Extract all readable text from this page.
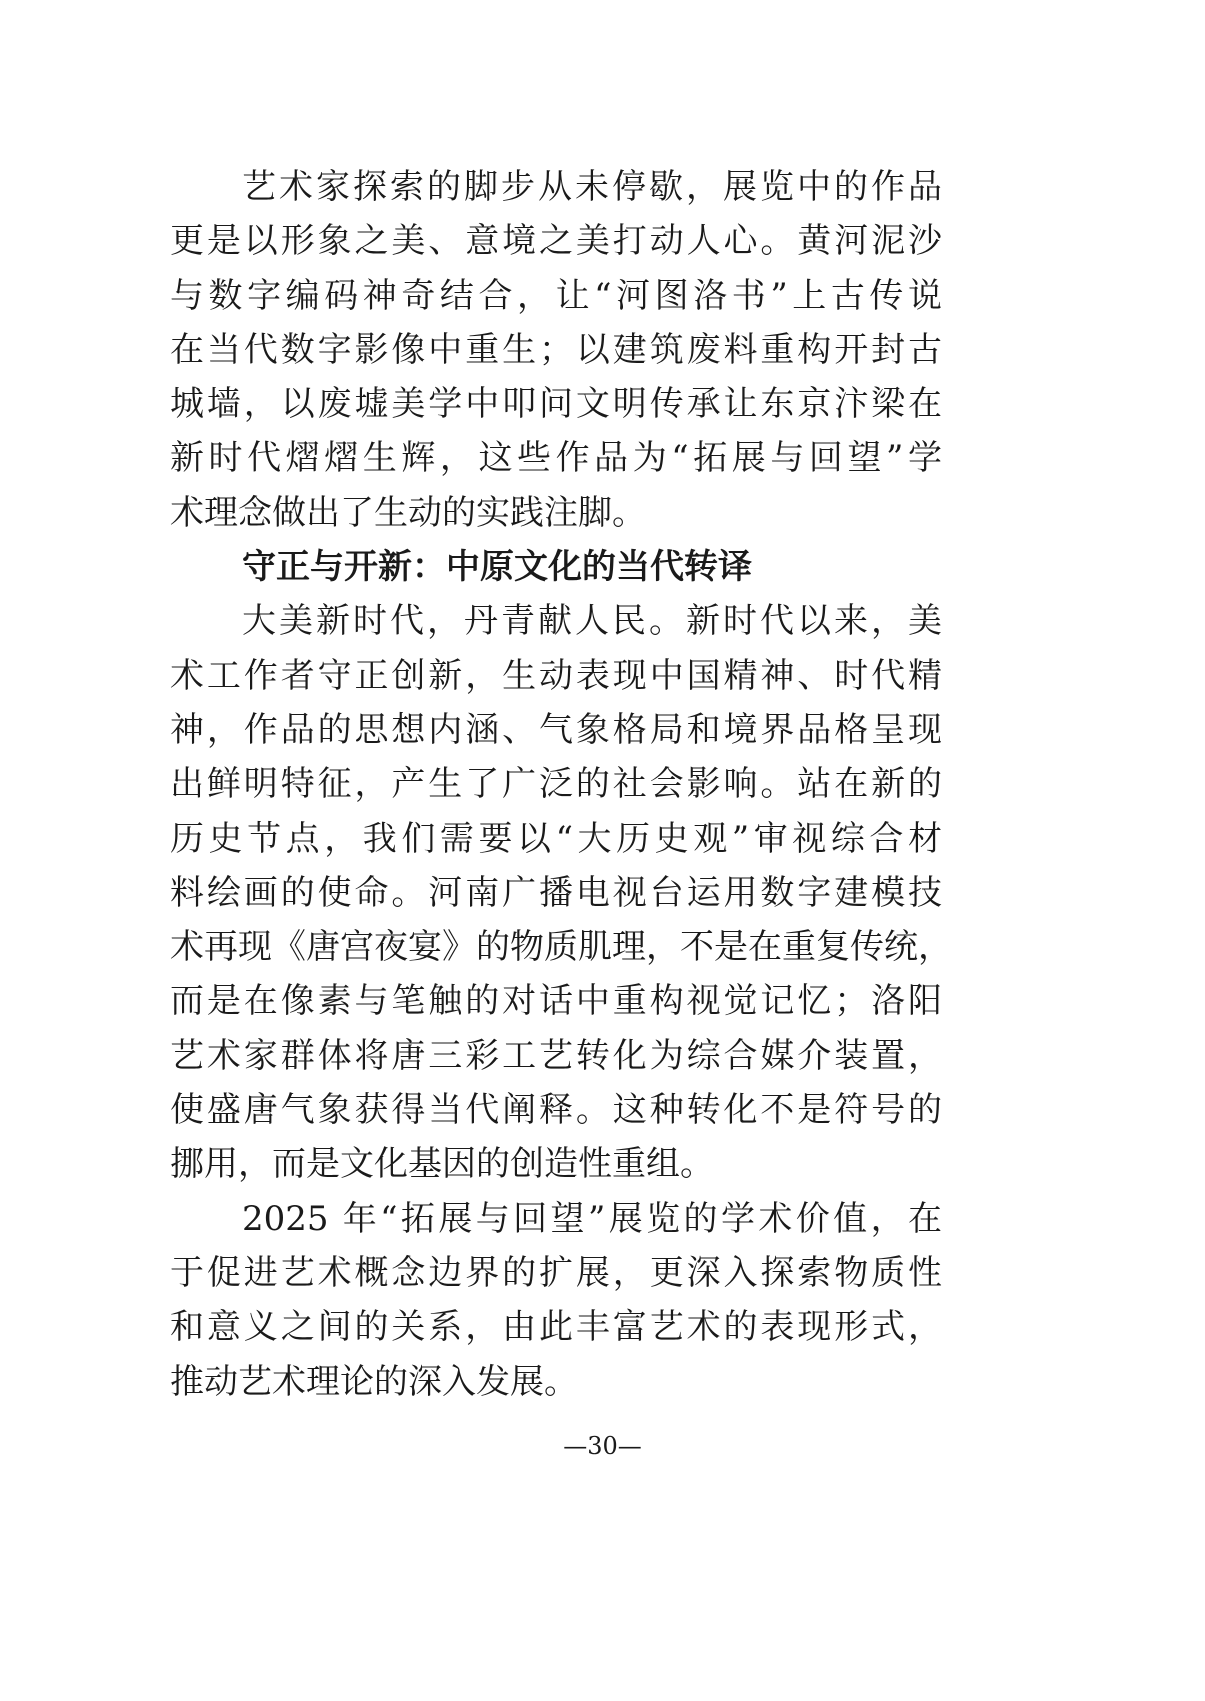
艺术家探索的脚步从未停歇，展览中的作品
更是以形象之美、意境之美打动人心。黄河泥沙
与数字编码神奇结合，让“河图洛书”上古传说
在当代数字影像中重生；以建筑废料重构开封古
城墙，以废墟美学中叩问文明传承让东京汴梁在
新时代熠熠生辉，这些作品为“拓展与回望”学
术理念做出了生动的实践注脚。
守正与开新：中原文化的当代转译
大美新时代，丹青献人民。新时代以来，美
术工作者守正创新，生动表现中国精神、时代精
神，作品的思想内涵、气象格局和境界品格呈现
出鲜明特征，产生了广泛的社会影响。站在新的
历史节点，我们需要以“大历史观”审视综合材
料绘画的使命。河南广播电视台运用数字建模技
术再现《唐宫夜宴》的物质肌理，不是在重复传统，
而是在像素与笔触的对话中重构视觉记忆；洛阳
艺术家群体将唐三彩工艺转化为综合媒介装置，
使盛唐气象获得当代阐释。这种转化不是符号的
挪用，而是文化基因的创造性重组。
2025 年“拓展与回望”展览的学术价值，在
于促进艺术概念边界的扩展，更深入探索物质性
和意义之间的关系，由此丰富艺术的表现形式，
推动艺术理论的深入发展。
—30—
